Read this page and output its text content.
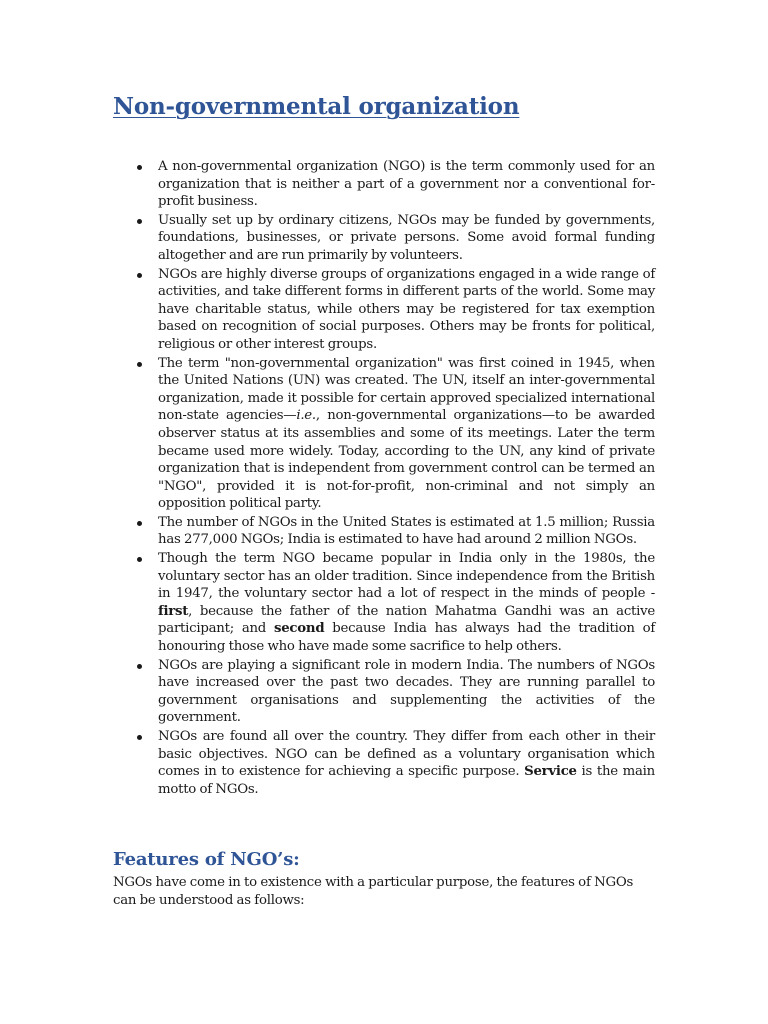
Non-governmental organization
A non-governmental organization (NGO) is the term commonly used for an organization that is neither a part of a government nor a conventional for-profit business.
Usually set up by ordinary citizens, NGOs may be funded by governments, foundations, businesses, or private persons. Some avoid formal funding altogether and are run primarily by volunteers.
NGOs are highly diverse groups of organizations engaged in a wide range of activities, and take different forms in different parts of the world. Some may have charitable status, while others may be registered for tax exemption based on recognition of social purposes. Others may be fronts for political, religious or other interest groups.
The term "non-governmental organization" was first coined in 1945, when the United Nations (UN) was created. The UN, itself an inter-governmental organization, made it possible for certain approved specialized international non-state agencies—i.e., non-governmental organizations—to be awarded observer status at its assemblies and some of its meetings. Later the term became used more widely. Today, according to the UN, any kind of private organization that is independent from government control can be termed an "NGO", provided it is not-for-profit, non-criminal and not simply an opposition political party.
The number of NGOs in the United States is estimated at 1.5 million; Russia has 277,000 NGOs; India is estimated to have had around 2 million NGOs.
Though the term NGO became popular in India only in the 1980s, the voluntary sector has an older tradition. Since independence from the British in 1947, the voluntary sector had a lot of respect in the minds of people - first, because the father of the nation Mahatma Gandhi was an active participant; and second because India has always had the tradition of honouring those who have made some sacrifice to help others.
NGOs are playing a significant role in modern India. The numbers of NGOs have increased over the past two decades. They are running parallel to government organisations and supplementing the activities of the government.
NGOs are found all over the country. They differ from each other in their basic objectives. NGO can be defined as a voluntary organisation which comes in to existence for achieving a specific purpose. Service is the main motto of NGOs.
Features of NGO’s:

NGOs have come in to existence with a particular purpose, the features of NGOs can be understood as follows:
